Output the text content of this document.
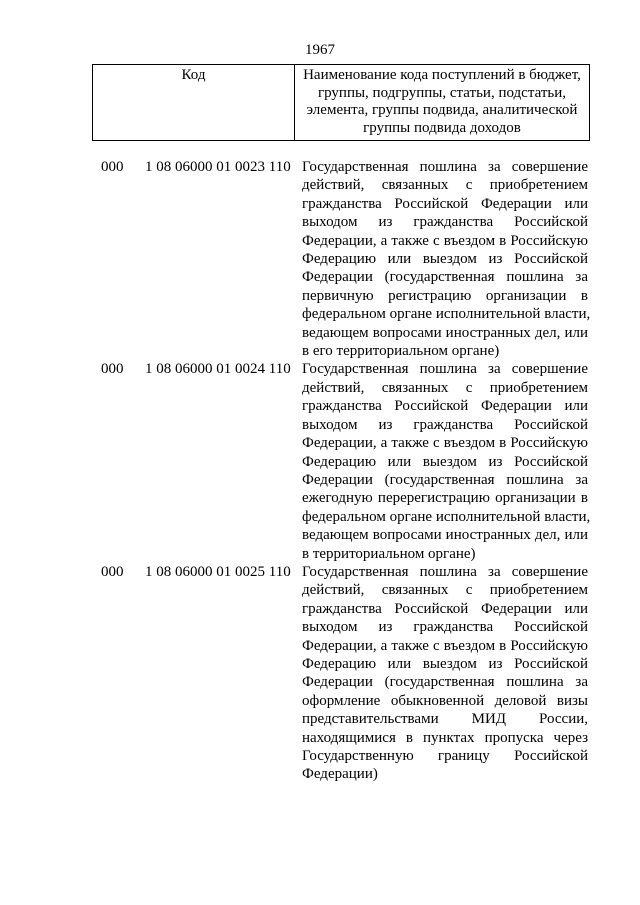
1967
Код	Наименование кода поступлений в бюджет,
группы, подгруппы, статьи, подстатьи,
элемента, группы подвида, аналитической
группы подвида доходов
000 1 08 06000 01 0023 110 Государственная пошлина за совершение
действий, связанных с приобретением
гражданства Российской Федерации или
выходом из гражданства Российской
Федерации, а также с въездом в Российскую
Федерацию или выездом из Российской
Федерации (государственная пошлина за
первичную регистрацию организации в
федеральном органе исполнительной власти,
ведающем вопросами иностранных дел, или
в его территориальном органе)
000 1 08 06000 01 0024 110 Государственная пошлина за совершение
действий, связанных с приобретением
гражданства Российской Федерации или
выходом из гражданства Российской
Федерации, а также с въездом в Российскую
Федерацию или выездом из Российской
Федерации (государственная пошлина за
ежегодную перерегистрацию организации в
федеральном органе исполнительной власти,
ведающем вопросами иностранных дел, или
в территориальном органе)
000 1 08 06000 01 0025 110 Государственная пошлина за совершение
действий, связанных с приобретением
гражданства Российской Федерации или
выходом из гражданства Российской
Федерации, а также с въездом в Российскую
Федерацию или выездом из Российской
Федерации (государственная пошлина за
оформление обыкновенной деловой визы
представительствами МИД России,
находящимися в пунктах пропуска через
Государственную границу Российской
Федерации)
